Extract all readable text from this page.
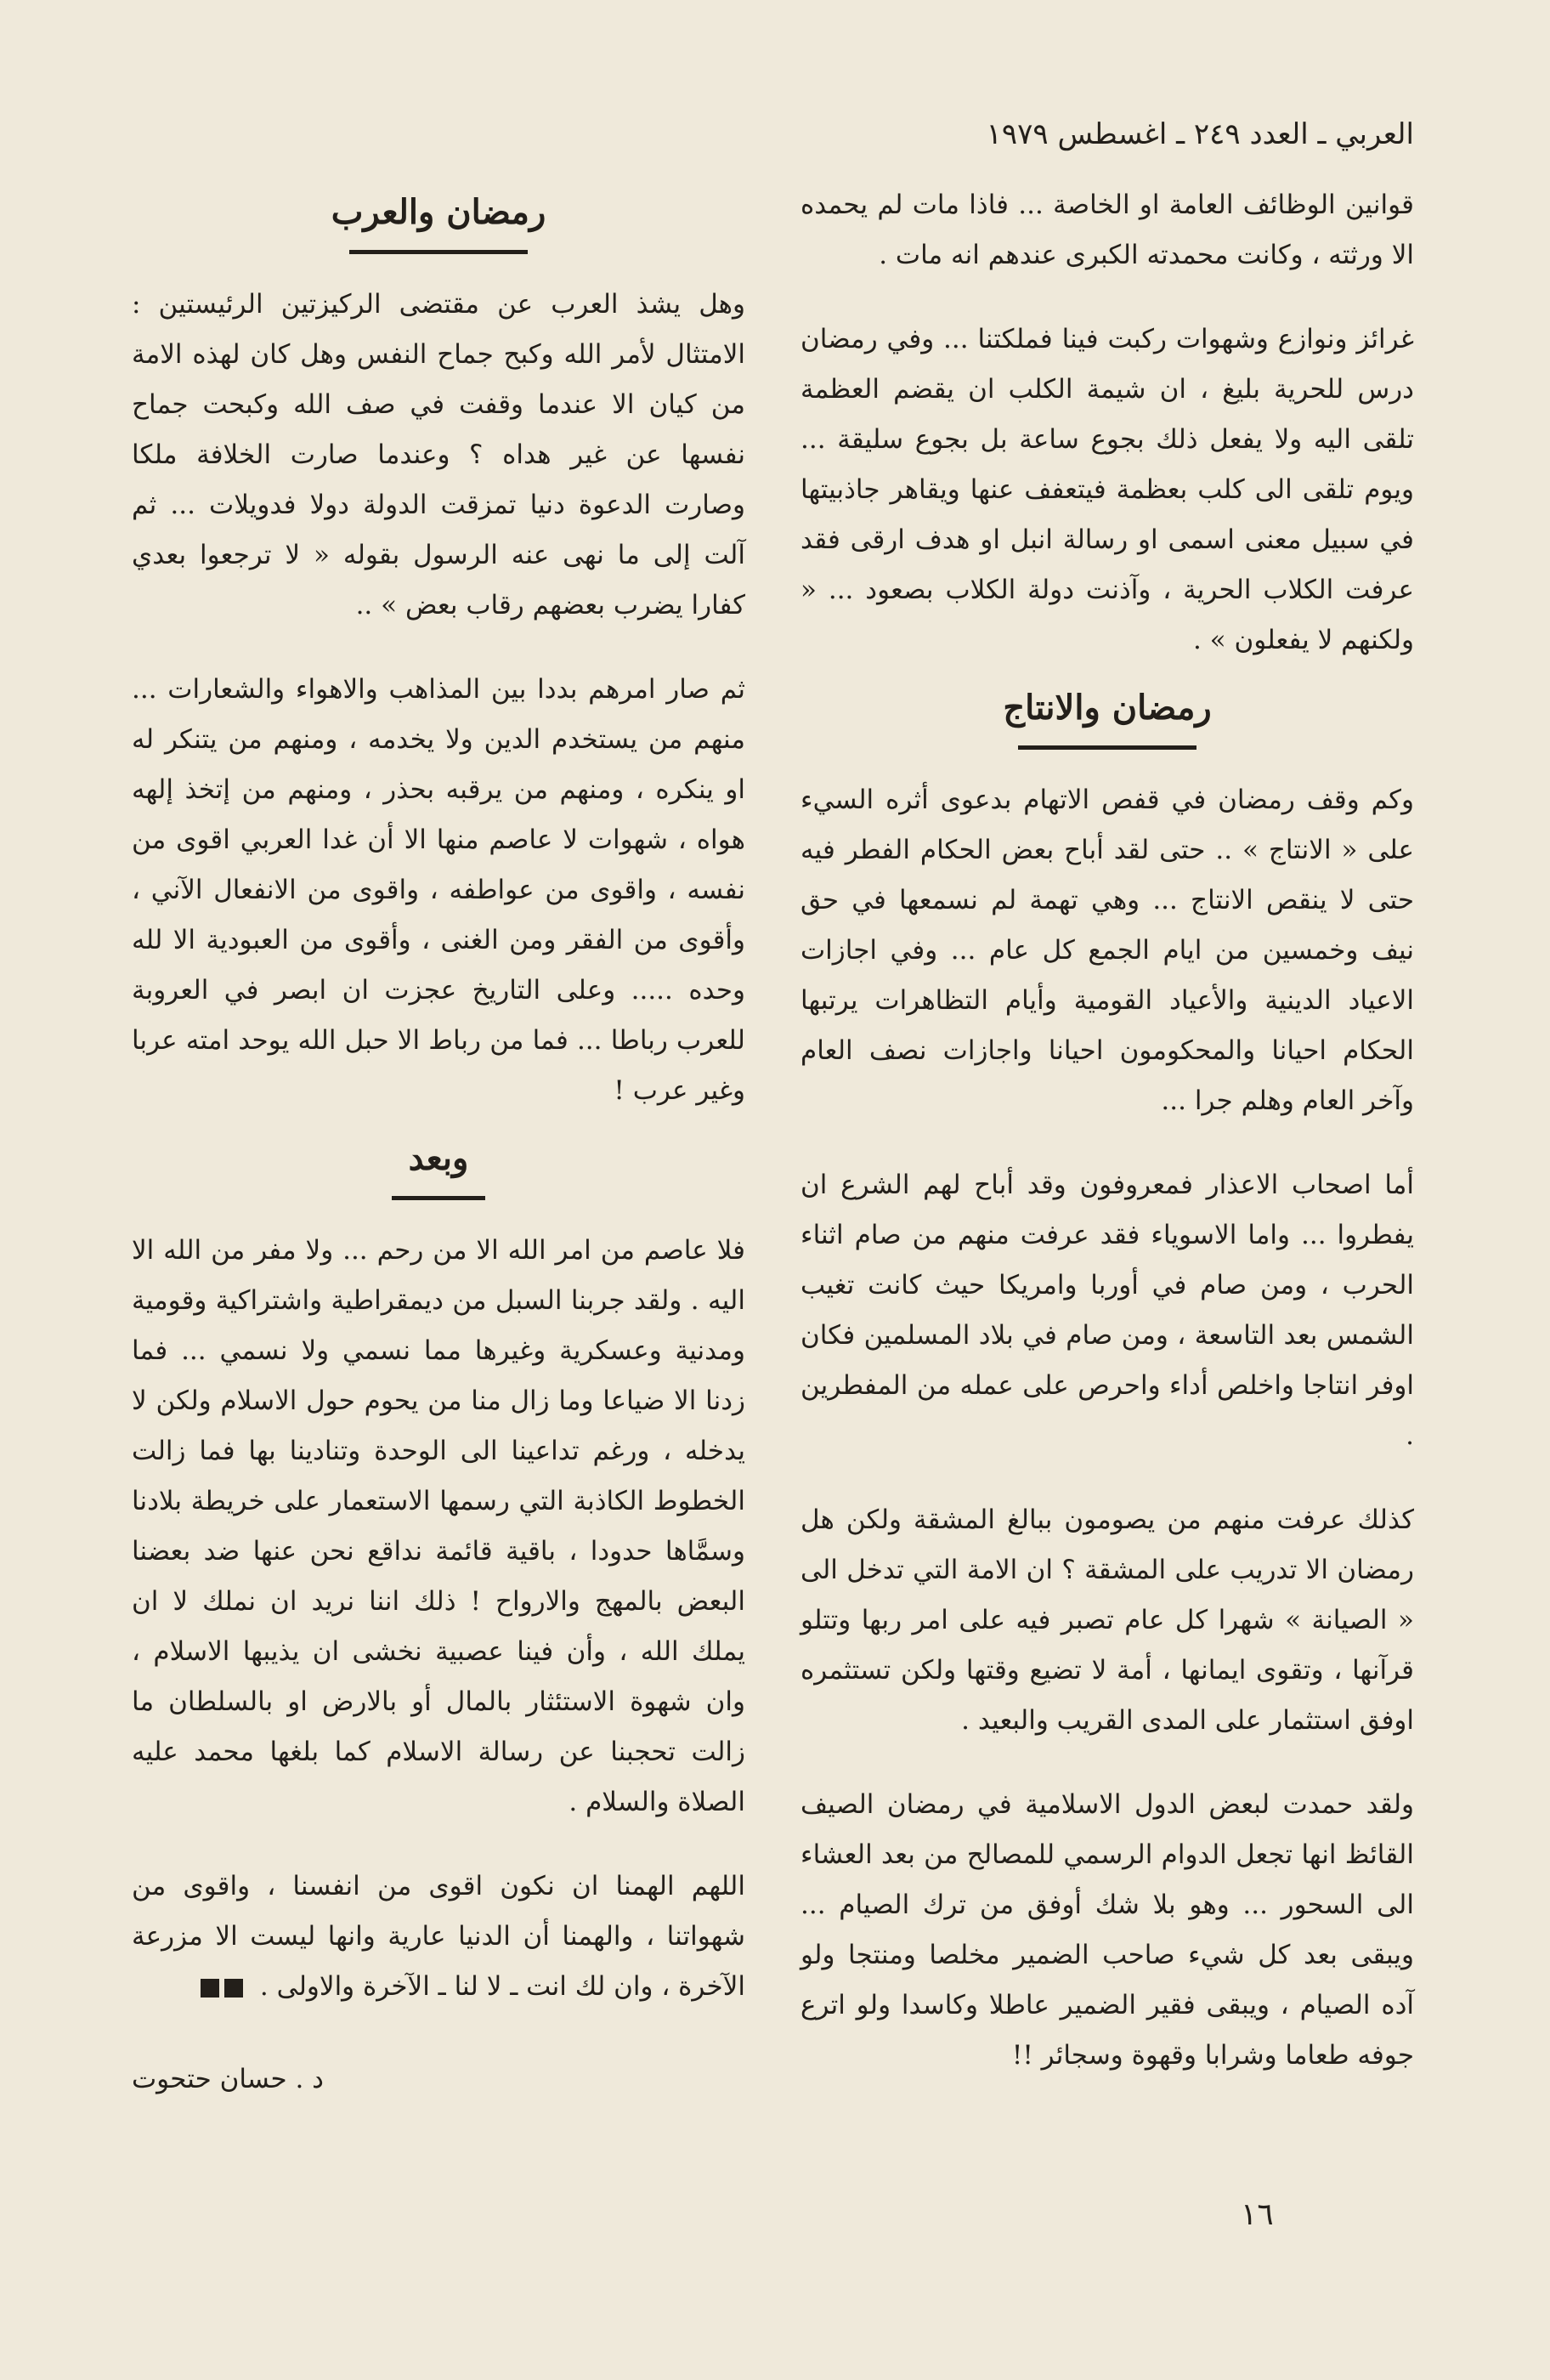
العربي ـ العدد ٢٤٩ ـ اغسطس ١٩٧٩

قوانين الوظائف العامة او الخاصة ... فاذا مات لم يحمده الا ورثته ، وكانت محمدته الكبرى عندهم انه مات .

غرائز ونوازع وشهوات ركبت فينا فملكتنا ... وفي رمضان درس للحرية بليغ ، ان شيمة الكلب ان يقضم العظمة تلقى اليه ولا يفعل ذلك بجوع ساعة بل بجوع سليقة ... ويوم تلقى الى كلب بعظمة فيتعفف عنها ويقاهر جاذبيتها في سبيل معنى اسمى او رسالة انبل او هدف ارقى فقد عرفت الكلاب الحرية ، وآذنت دولة الكلاب بصعود ... « ولكنهم لا يفعلون » .

رمضان والانتاج

وكم وقف رمضان في قفص الاتهام بدعوى أثره السيء على « الانتاج » .. حتى لقد أباح بعض الحكام الفطر فيه حتى لا ينقص الانتاج ... وهي تهمة لم نسمعها في حق نيف وخمسين من ايام الجمع كل عام ... وفي اجازات الاعياد الدينية والأعياد القومية وأيام التظاهرات يرتبها الحكام احيانا والمحكومون احيانا واجازات نصف العام وآخر العام وهلم جرا ...

أما اصحاب الاعذار فمعروفون وقد أباح لهم الشرع ان يفطروا ... واما الاسوياء فقد عرفت منهم من صام اثناء الحرب ، ومن صام في أوربا وامريكا حيث كانت تغيب الشمس بعد التاسعة ، ومن صام في بلاد المسلمين فكان اوفر انتاجا واخلص أداء واحرص على عمله من المفطرين .

كذلك عرفت منهم من يصومون ببالغ المشقة ولكن هل رمضان الا تدريب على المشقة ؟ ان الامة التي تدخل الى « الصيانة » شهرا كل عام تصبر فيه على امر ربها وتتلو قرآنها ، وتقوى ايمانها ، أمة لا تضيع وقتها ولكن تستثمره اوفق استثمار على المدى القريب والبعيد .

ولقد حمدت لبعض الدول الاسلامية في رمضان الصيف القائظ انها تجعل الدوام الرسمي للمصالح من بعد العشاء الى السحور ... وهو بلا شك أوفق من ترك الصيام ... ويبقى بعد كل شيء صاحب الضمير مخلصا ومنتجا ولو آده الصيام ، ويبقى فقير الضمير عاطلا وكاسدا ولو اترع جوفه طعاما وشرابا وقهوة وسجائر !!

رمضان والعرب

وهل يشذ العرب عن مقتضى الركيزتين الرئيستين : الامتثال لأمر الله وكبح جماح النفس وهل كان لهذه الامة من كيان الا عندما وقفت في صف الله وكبحت جماح نفسها عن غير هداه ؟ وعندما صارت الخلافة ملكا وصارت الدعوة دنيا تمزقت الدولة دولا فدويلات ... ثم آلت إلى ما نهى عنه الرسول بقوله « لا ترجعوا بعدي كفارا يضرب بعضهم رقاب بعض » ..

ثم صار امرهم بددا بين المذاهب والاهواء والشعارات ... منهم من يستخدم الدين ولا يخدمه ، ومنهم من يتنكر له او ينكره ، ومنهم من يرقبه بحذر ، ومنهم من إتخذ إلهه هواه ، شهوات لا عاصم منها الا أن غدا العربي اقوى من نفسه ، واقوى من عواطفه ، واقوى من الانفعال الآني ، وأقوى من الفقر ومن الغنى ، وأقوى من العبودية الا لله وحده ..... وعلى التاريخ عجزت ان ابصر في العروبة للعرب رباطا ... فما من رباط الا حبل الله يوحد امته عربا وغير عرب !

وبعد

فلا عاصم من امر الله الا من رحم ... ولا مفر من الله الا اليه . ولقد جربنا السبل من ديمقراطية واشتراكية وقومية ومدنية وعسكرية وغيرها مما نسمي ولا نسمي ... فما زدنا الا ضياعا وما زال منا من يحوم حول الاسلام ولكن لا يدخله ، ورغم تداعينا الى الوحدة وتنادينا بها فما زالت الخطوط الكاذبة التي رسمها الاستعمار على خريطة بلادنا وسمَّاها حدودا ، باقية قائمة نداقع نحن عنها ضد بعضنا البعض بالمهج والارواح ! ذلك اننا نريد ان نملك لا ان يملك الله ، وأن فينا عصبية نخشى ان يذيبها الاسلام ، وان شهوة الاستئثار بالمال أو بالارض او بالسلطان ما زالت تحجبنا عن رسالة الاسلام كما بلغها محمد عليه الصلاة والسلام .

اللهم الهمنا ان نكون اقوى من انفسنا ، واقوى من شهواتنا ، والهمنا أن الدنيا عارية وانها ليست الا مزرعة الآخرة ، وان لك انت ـ لا لنا ـ الآخرة والاولى .

د . حسان حتحوت

١٦
